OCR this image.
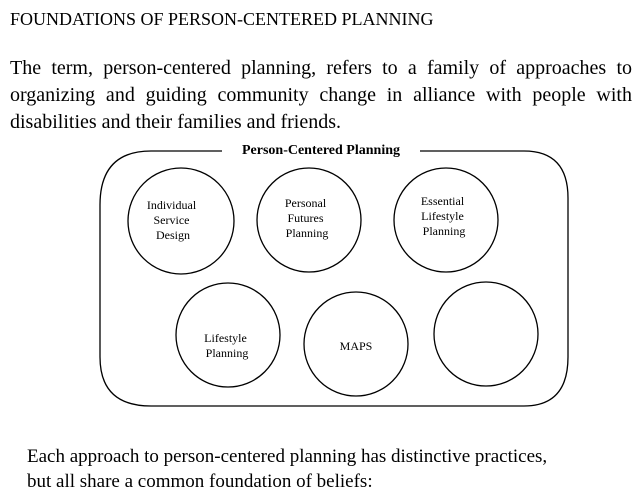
FOUNDATIONS OF PERSON-CENTERED PLANNING

The term, person-centered planning, refers to a family of approaches to organizing and guiding community change in alliance with people with disabilities and their families and friends.

Person-Centered Planning
Individual Service Design
Personal Futures Planning
Essential Lifestyle Planning
Lifestyle Planning	MAPS

Each approach to person-centered planning has distinctive practices,
but all share a common foundation of beliefs:
